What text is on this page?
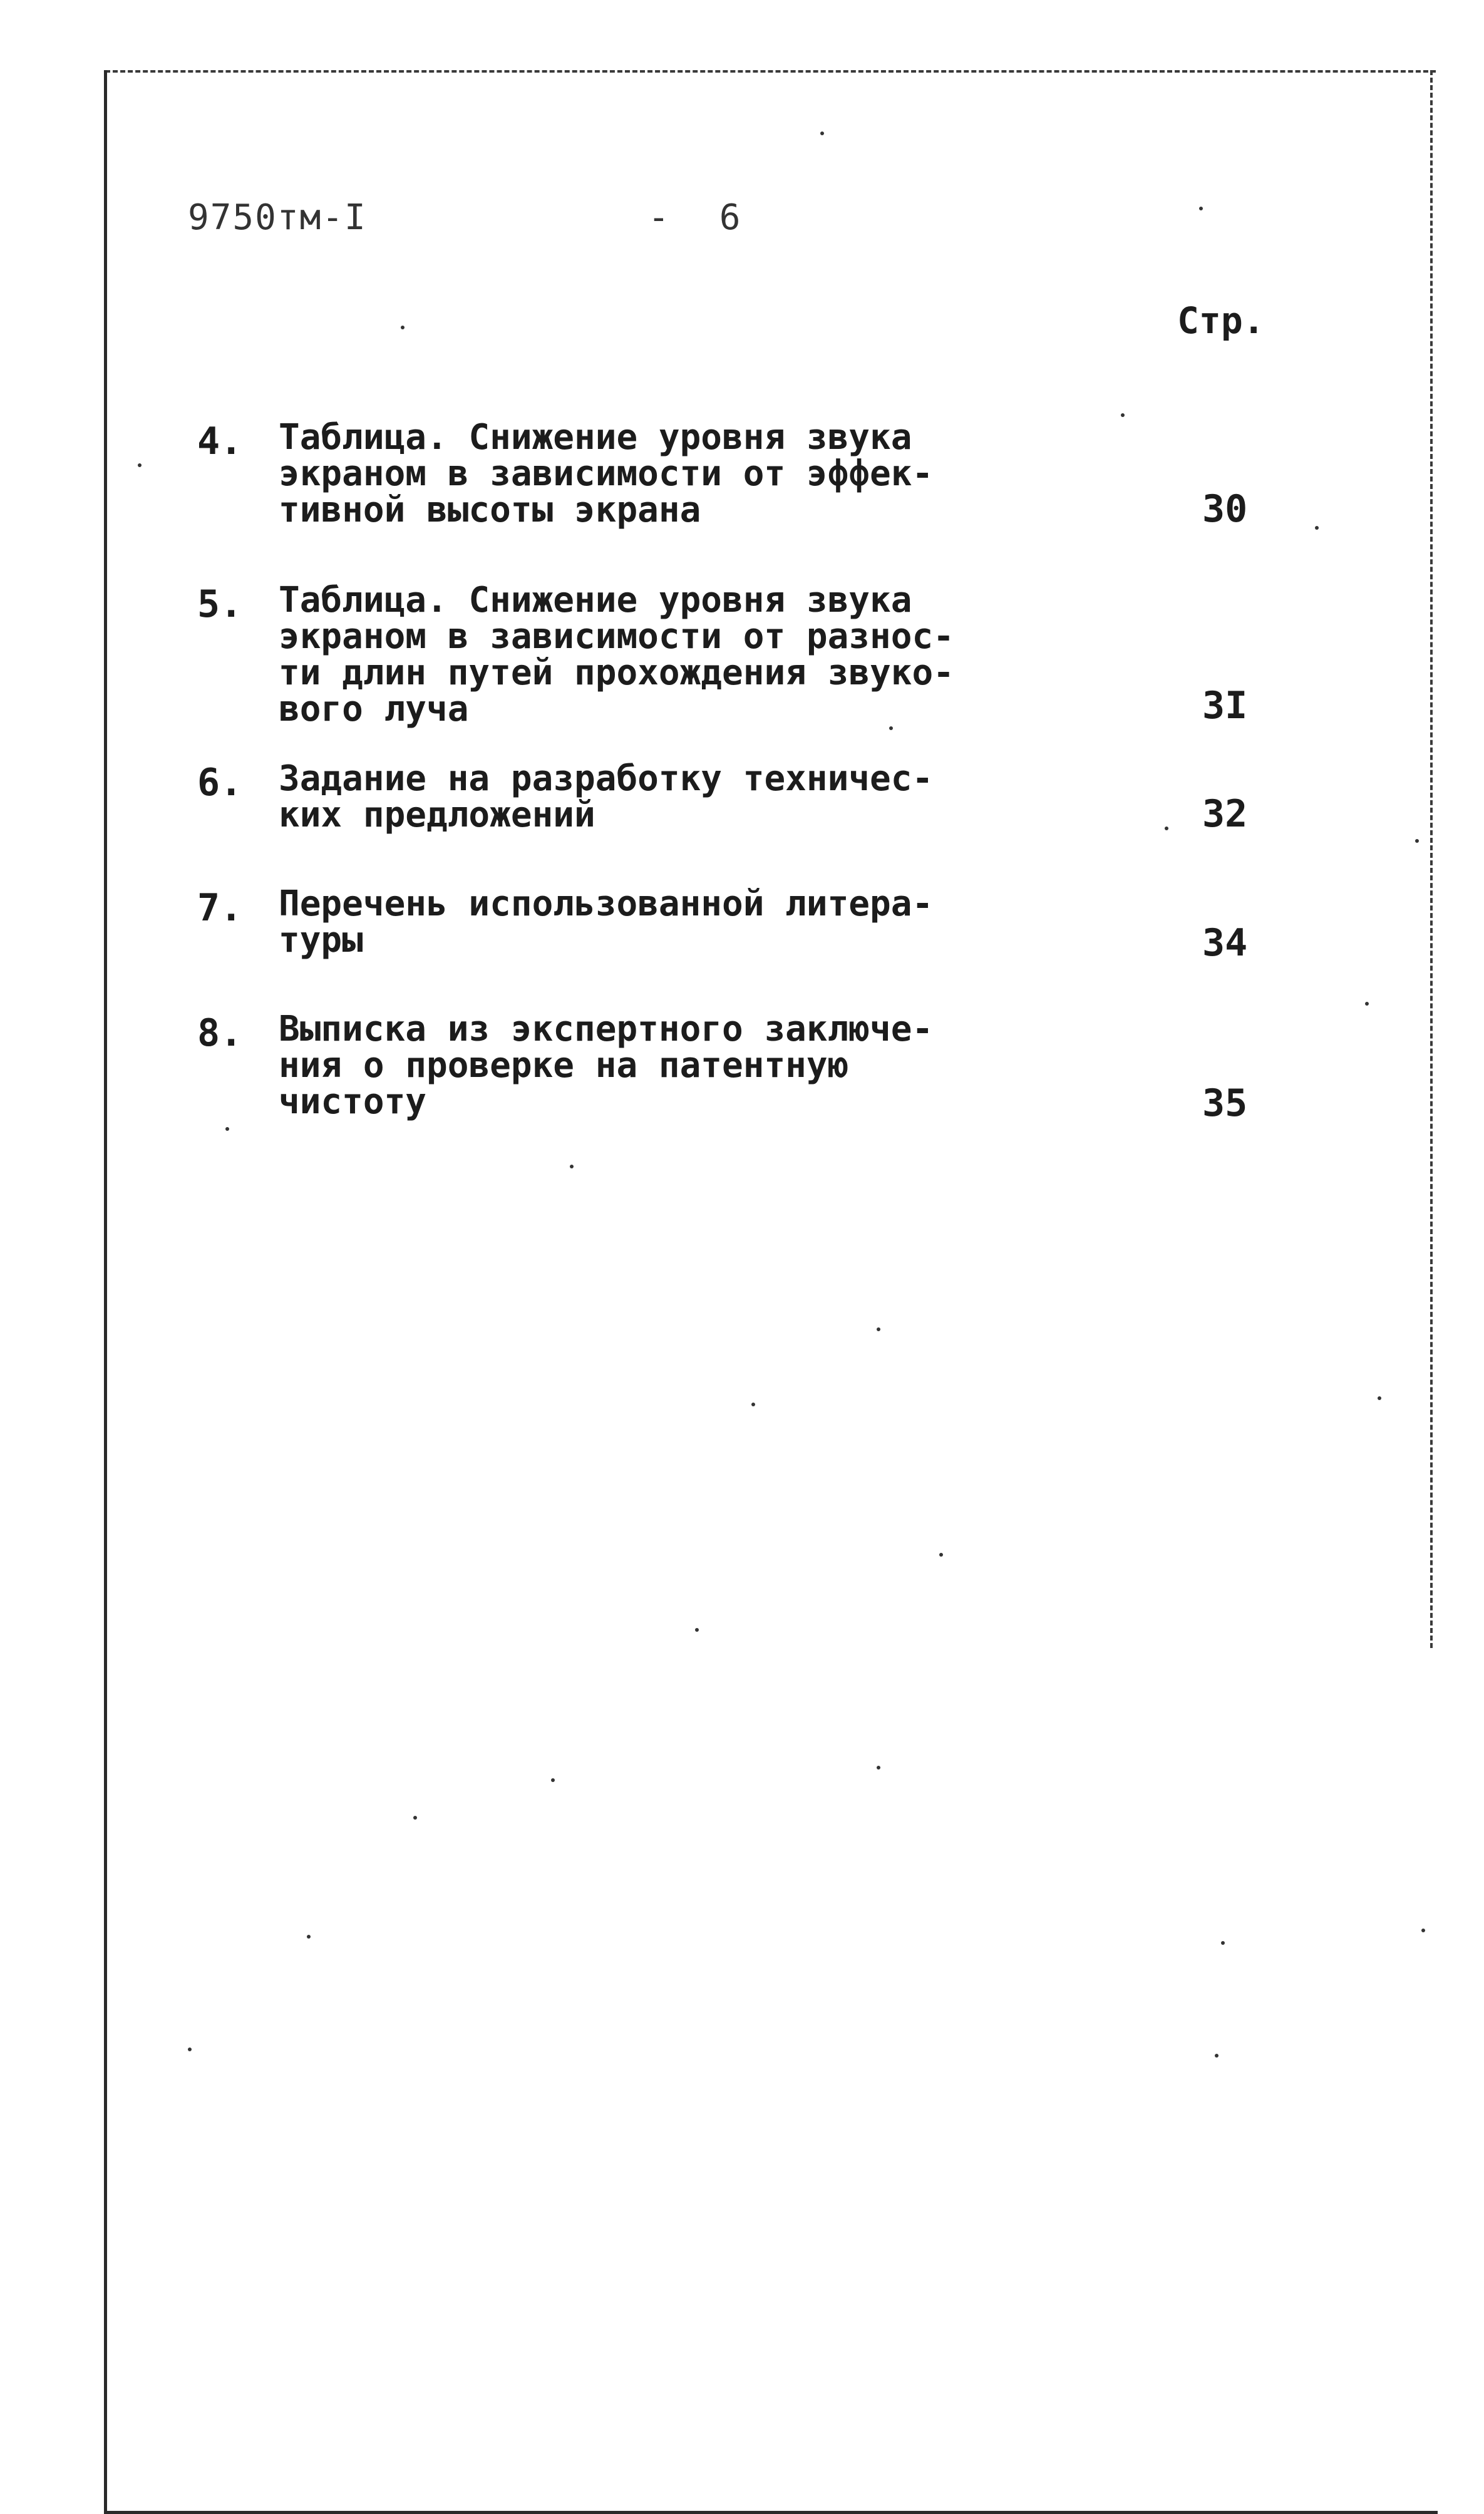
9750тм-I	- 6
Стр.
4. Таблица. Снижение уровня звука
экраном в зависимости от эффек-
тивной высоты экрана	30
5. Таблица. Снижение уровня звука
экраном в зависимости от разнос-
ти длин путей прохождения звуко-
вого луча	3I
6. Задание на разработку техничес-
ких предложений	32
7. Перечень использованной литера-
туры	34
8. Выписка из экспертного заключе-
ния о проверке на патентную
чистоту	35
